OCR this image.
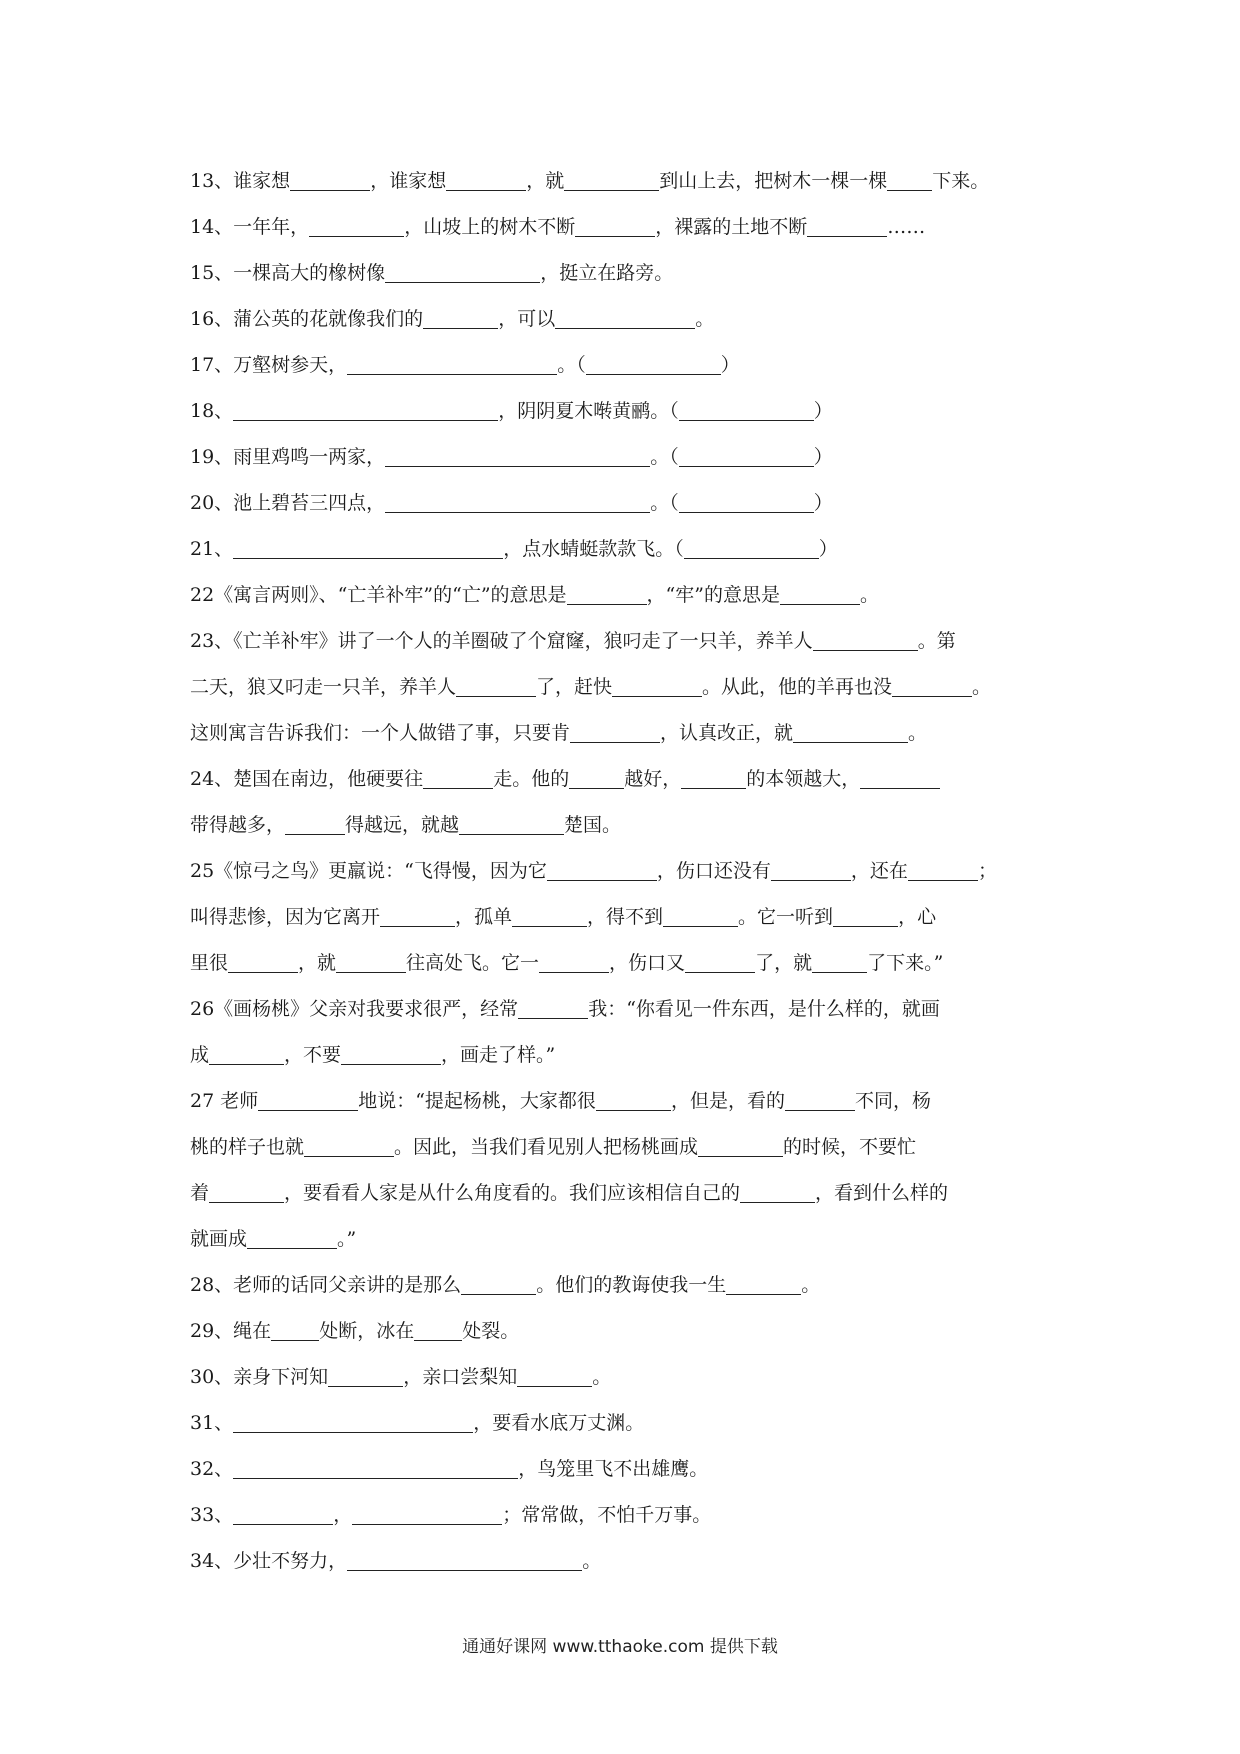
13、谁家想	，谁家想	，就	到山上去，把树木一棵一棵 下来。
14、一年年，	，山坡上的树木不断	，裸露的土地不断	……
15、一棵高大的橡树像	，挺立在路旁。
16、蒲公英的花就像我们的	，可以	。
17、万壑树参天，	。（	）
18、	，阴阴夏木啭黄鹂。（	）
19、雨里鸡鸣一两家，	。（	）
20、池上碧苔三四点，	。（	）
21、	，点水蜻蜓款款飞。（	）
22《寓言两则》、“亡羊补牢”的“亡”的意思是	，“牢”的意思是	。
23、《亡羊补牢》讲了一个人的羊圈破了个窟窿，狼叼走了一只羊，养羊人	。第
二天，狼又叼走一只羊，养羊人	了，赶快	。从此，他的羊再也没	。
这则寓言告诉我们：一个人做错了事，只要肯	，认真改正，就	。
24、楚国在南边，他硬要往	走。他的	越好，	的本领越大，
带得越多，	得越远，就越	楚国。
25《惊弓之鸟》更羸说：“飞得慢，因为它	，伤口还没有	，还在	；
叫得悲惨，因为它离开	，孤单	，得不到	。它一听到	，心
里很	，就	往高处飞。它一	，伤口又	了，就	了下来。”
26《画杨桃》父亲对我要求很严，经常	我：“你看见一件东西，是什么样的，就画
成	，不要	，画走了样。”
27 老师	地说：“提起杨桃，大家都很	，但是，看的	不同，杨
桃的样子也就	。因此，当我们看见别人把杨桃画成	的时候，不要忙
着	，要看看人家是从什么角度看的。我们应该相信自己的	，看到什么样的
就画成	。”
28、老师的话同父亲讲的是那么	。他们的教诲使我一生	。
29、绳在	处断，冰在	处裂。
30、亲身下河知	，亲口尝梨知	。
31、	，要看水底万丈渊。
32、	，鸟笼里飞不出雄鹰。
33、	，	；常常做，不怕千万事。
34、少壮不努力，	。
通通好课网 www.tthaoke.com 提供下载
